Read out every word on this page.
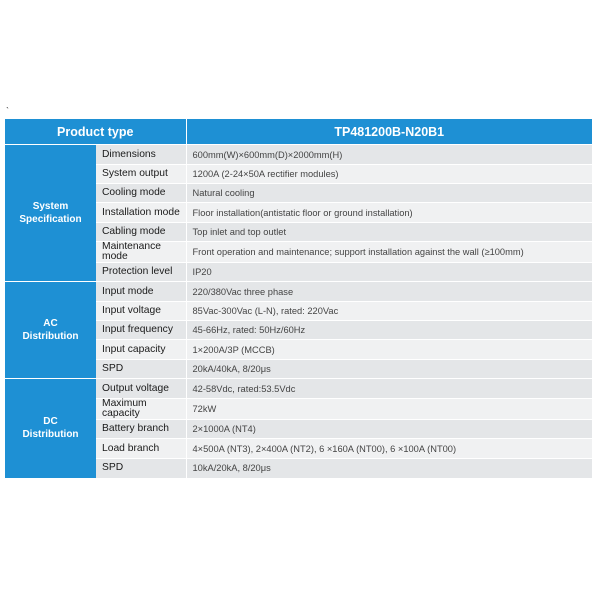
`
Product type		TP481200B-N20B1

System
Specification	Dimensions	600mm(W)×600mm(D)×2000mm(H)
	System output	1200A (2-24×50A rectifier modules)
	Cooling mode	Natural cooling
	Installation mode	Floor installation(antistatic floor or ground installation)
	Cabling mode	Top inlet and top outlet
	Maintenance mode	Front operation and maintenance; support installation against the wall (≥100mm)
	Protection level	IP20

AC
Distribution	Input mode	220/380Vac three phase
	Input voltage	85Vac-300Vac (L-N), rated: 220Vac
	Input frequency	45-66Hz, rated: 50Hz/60Hz
	Input capacity	1×200A/3P (MCCB)
	SPD	20kA/40kA, 8/20μs

DC
Distribution	Output voltage	42-58Vdc, rated:53.5Vdc
	Maximum capacity	72kW
	Battery branch	2×1000A (NT4)
	Load branch	4×500A (NT3), 2×400A (NT2), 6 ×160A (NT00), 6 ×100A (NT00)
	SPD	10kA/20kA, 8/20μs
